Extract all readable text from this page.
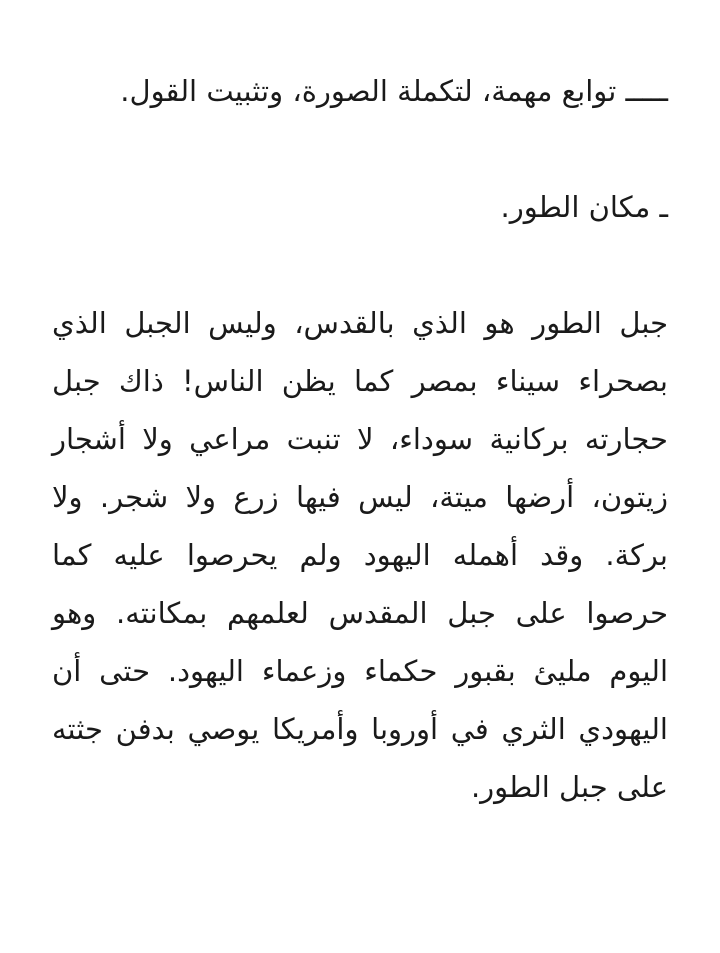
ـــــ توابع مهمة، لتكملة الصورة، وتثبيت القول.

ـ مكان الطور.

جبل الطور هو الذي بالقدس، وليس الجبل الذي بصحراء سيناء بمصر كما يظن الناس! ذاك جبل حجارته بركانية سوداء، لا تنبت مراعي ولا أشجار زيتون، أرضها ميتة، ليس فيها زرع ولا شجر. ولا بركة. وقد أهمله اليهود ولم يحرصوا عليه كما حرصوا على جبل المقدس لعلمهم بمكانته. وهو اليوم مليئ بقبور حكماء وزعماء اليهود. حتى أن اليهودي الثري في أوروبا وأمريكا يوصي بدفن جثته على جبل الطور.
